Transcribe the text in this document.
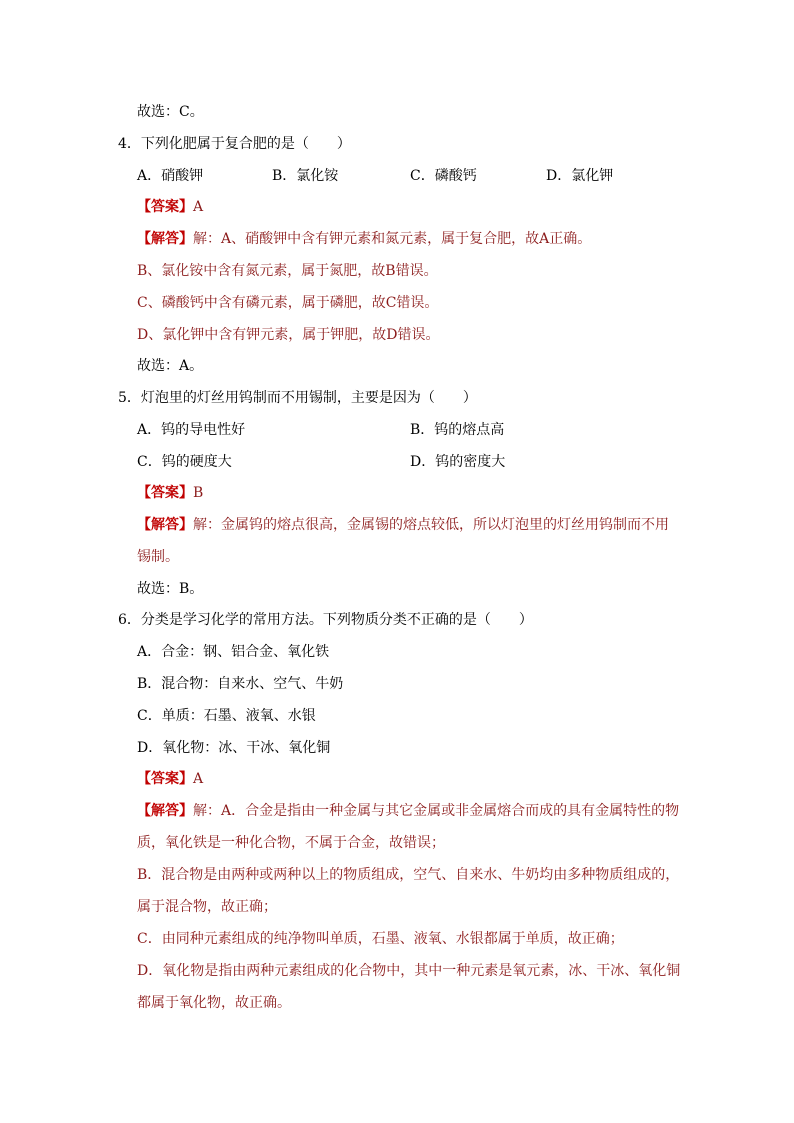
故选：C。
4．下列化肥属于复合肥的是（　　）
A．硝酸钾	B．氯化铵	C．磷酸钙	D．氯化钾
【答案】A
【解答】解：A、硝酸钾中含有钾元素和氮元素，属于复合肥，故A正确。
B、氯化铵中含有氮元素，属于氮肥，故B错误。
C、磷酸钙中含有磷元素，属于磷肥，故C错误。
D、氯化钾中含有钾元素，属于钾肥，故D错误。
故选：A。
5．灯泡里的灯丝用钨制而不用锡制，主要是因为（　　）
A．钨的导电性好	B．钨的熔点高
C．钨的硬度大	D．钨的密度大
【答案】B
【解答】解：金属钨的熔点很高，金属锡的熔点较低，所以灯泡里的灯丝用钨制而不用
锡制。
故选：B。
6．分类是学习化学的常用方法。下列物质分类不正确的是（　　）
A．合金：钢、铝合金、氧化铁
B．混合物：自来水、空气、牛奶
C．单质：石墨、液氧、水银
D．氧化物：冰、干冰、氧化铜
【答案】A
【解答】解：A．合金是指由一种金属与其它金属或非金属熔合而成的具有金属特性的物
质，氧化铁是一种化合物，不属于合金，故错误；
B．混合物是由两种或两种以上的物质组成，空气、自来水、牛奶均由多种物质组成的，
属于混合物，故正确；
C．由同种元素组成的纯净物叫单质，石墨、液氧、水银都属于单质，故正确；
D．氧化物是指由两种元素组成的化合物中，其中一种元素是氧元素，冰、干冰、氧化铜
都属于氧化物，故正确。
